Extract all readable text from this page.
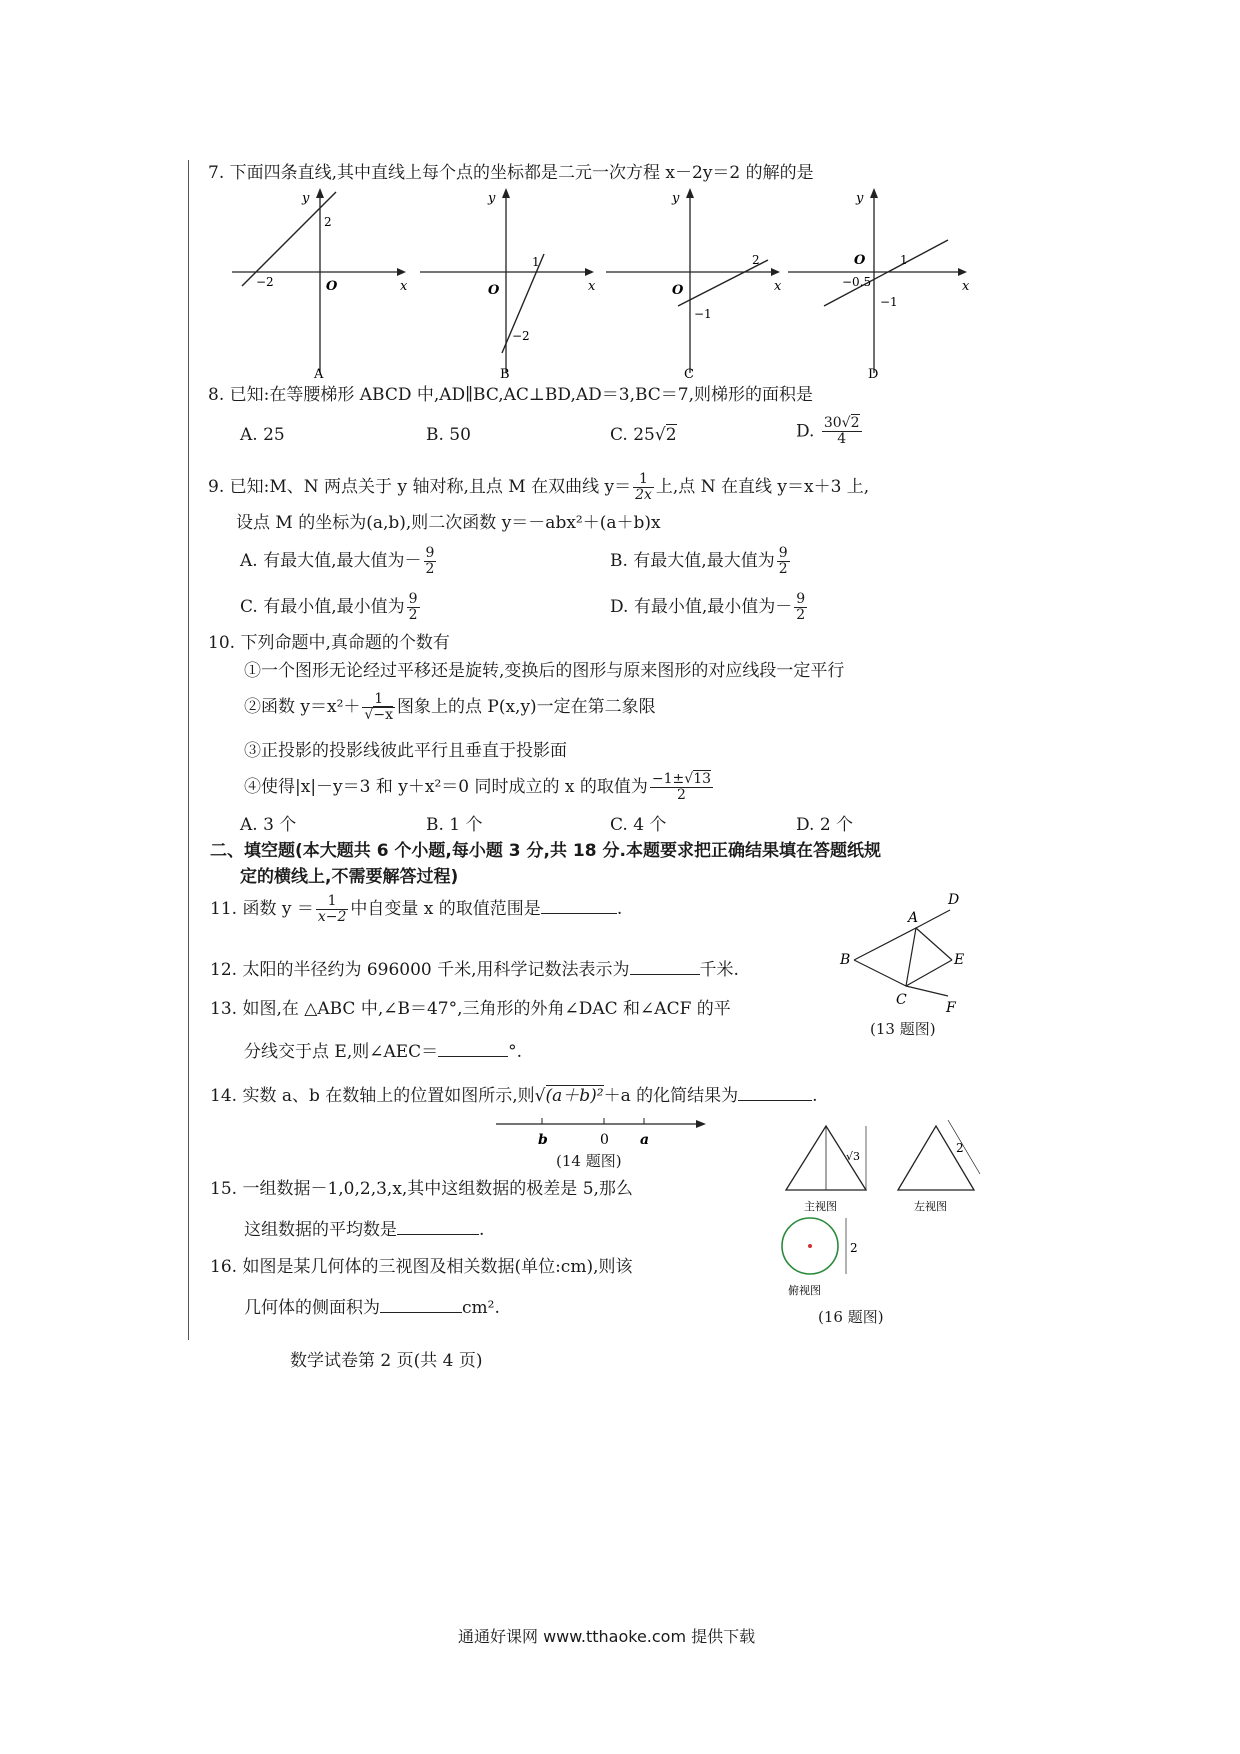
7. 下面四条直线,其中直线上每个点的坐标都是二元一次方程 x－2y＝2 的解的是
y
x
O
2
−2
A
y
x
O
1
−2
B
y
x
O
2
−1
C
y
x
O	1
−0.5
−1
D
8. 已知:在等腰梯形 ABCD 中,AD∥BC,AC⊥BD,AD＝3,BC＝7,则梯形的面积是
A. 25	B. 50	C. 25√2	D. $\frac{30√2}{4}$
9. 已知:M、N 两点关于 y 轴对称,且点 M 在双曲线 $y= \frac{1}{2x}$ 上,点 N 在直线 y＝x＋3 上,
设点 M 的坐标为(a,b),则二次函数 y＝－abx²＋(a＋b)x
A. 有最大值,最大值为－ $\frac{9}{2}$	B. 有最大值,最大值为 $\frac{9}{2}$
C. 有最小值,最小值为 $\frac{9}{2}$	D. 有最小值,最小值为－ $\frac{9}{2}$
10. 下列命题中,真命题的个数有
①一个图形无论经过平移还是旋转,变换后的图形与原来图形的对应线段一定平行
②函数 $y=x^2+ \frac{1}{√-x}$ 图象上的点 P(x,y)一定在第二象限
③正投影的投影线彼此平行且垂直于投影面
④使得|x|－y＝3 和 y＋x²＝0 同时成立的 x 的取值为 $\frac{-1\pm√13}{2}$
A. 3 个	B. 1 个	C. 4 个	D. 2 个
二、填空题(本大题共 6 个小题,每小题 3 分,共 18 分.本题要求把正确结果填在答题纸规
定的横线上,不需要解答过程)
11. 函数 $y = \frac{1}{x-2}$ 中自变量 x 的取值范围是	.
12. 太阳的半径约为 696000 千米,用科学记数法表示为	千米.
13. 如图,在 △ABC 中,∠B＝47°,三角形的外角∠DAC 和∠ACF 的平
分线交于点 E,则∠AEC＝	°.
A
B
C
D
E
F
(13 题图)
14. 实数 a、b 在数轴上的位置如图所示,则√(a＋b)²＋a 的化简结果为	.
b	0 a
(14 题图)
15. 一组数据－1,0,2,3,x,其中这组数据的极差是 5,那么
这组数据的平均数是	.
16. 如图是某几何体的三视图及相关数据(单位:cm),则该
几何体的侧面积为	cm².
√3
主视图
2
左视图
2
俯视图
(16 题图)
数学试卷第 2 页(共 4 页)
通通好课网 www.tthaoke.com 提供下载
